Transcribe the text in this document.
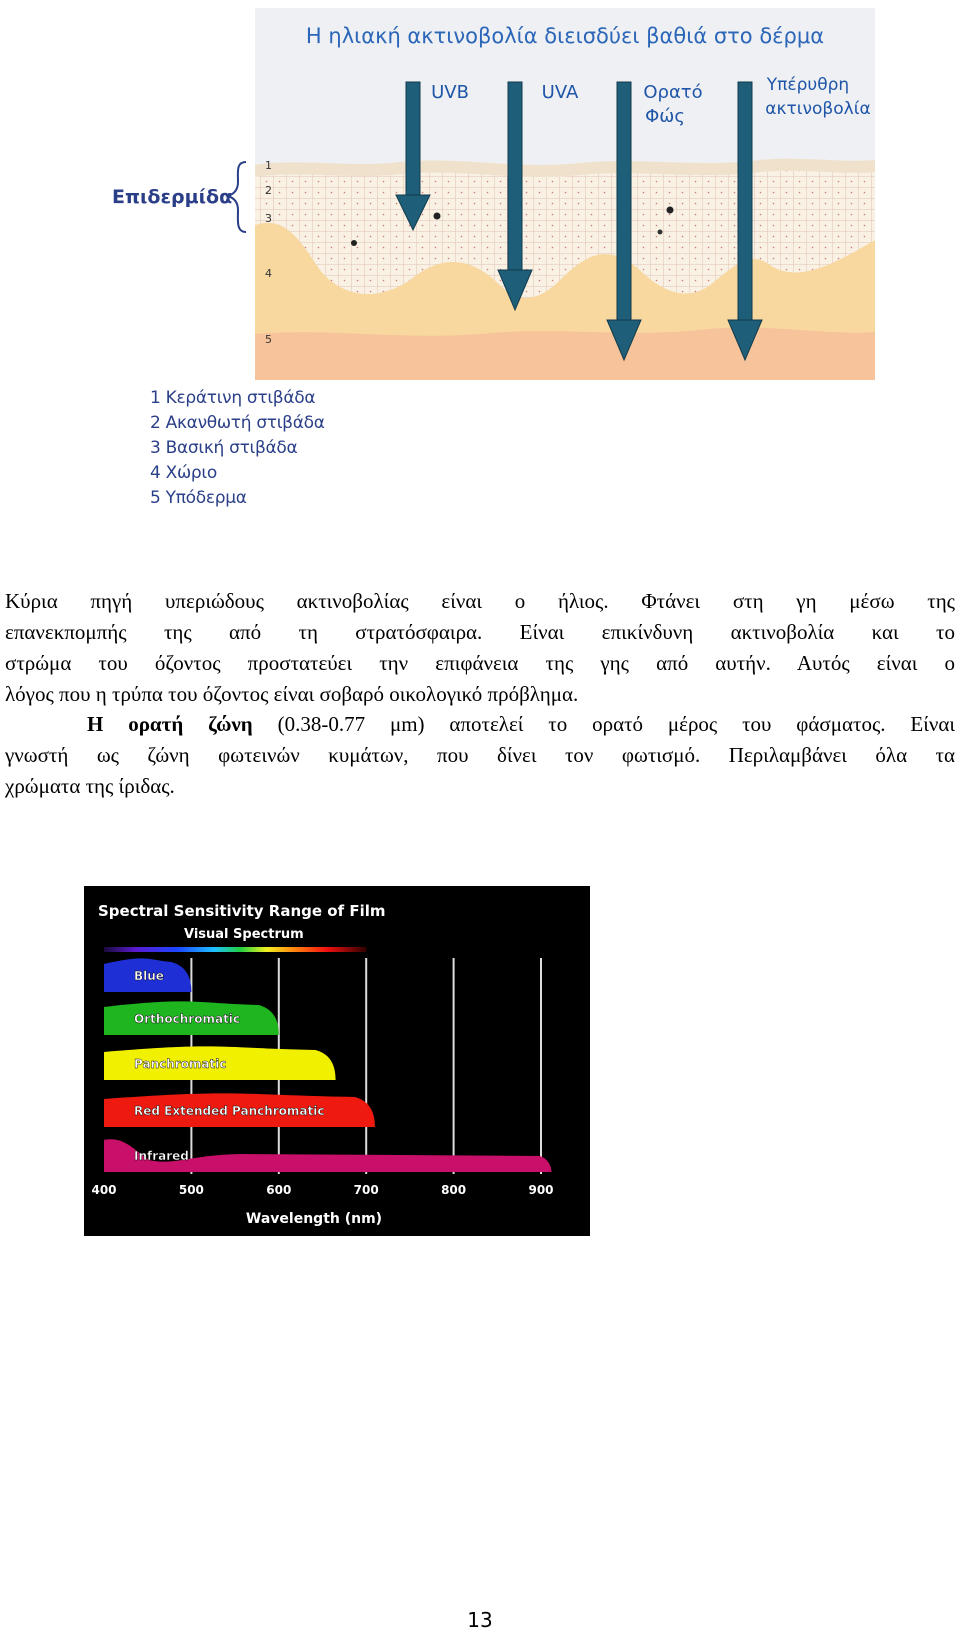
Η ηλιακή ακτινοβολία διεισδύει βαθιά στο δέρμα
UVB	UVA	Ορατό
Φώς
Υπέρυθρη
ακτινοβολία
Επιδερμίδα
1
2
3
4
5
1 Κεράτινη στιβάδα
2 Ακανθωτή στιβάδα
3 Βασική στιβάδα
4 Χώριο
5 Υπόδερμα
Κύρια πηγή υπεριώδους ακτινοβολίας είναι ο ήλιος. Φτάνει στη γη μέσω της
επανεκπομπής της από τη στρατόσφαιρα. Είναι επικίνδυνη ακτινοβολία και το
στρώμα του όζοντος προστατεύει την επιφάνεια της γης από αυτήν. Αυτός είναι ο
λόγος που η τρύπα του όζοντος είναι σοβαρό οικολογικό πρόβλημα.
Η ορατή ζώνη (0.38-0.77 μm) αποτελεί το ορατό μέρος του φάσματος. Είναι
γνωστή ως ζώνη φωτεινών κυμάτων, που δίνει τον φωτισμό. Περιλαμβάνει όλα τα
χρώματα της ίριδας.
Spectral Sensitivity Range of Film
Visual Spectrum
Blue
Orthochromatic
Panchromatic
Red Extended Panchromatic
Infrared
400	500	600	700	800	900
Wavelength (nm)
13
